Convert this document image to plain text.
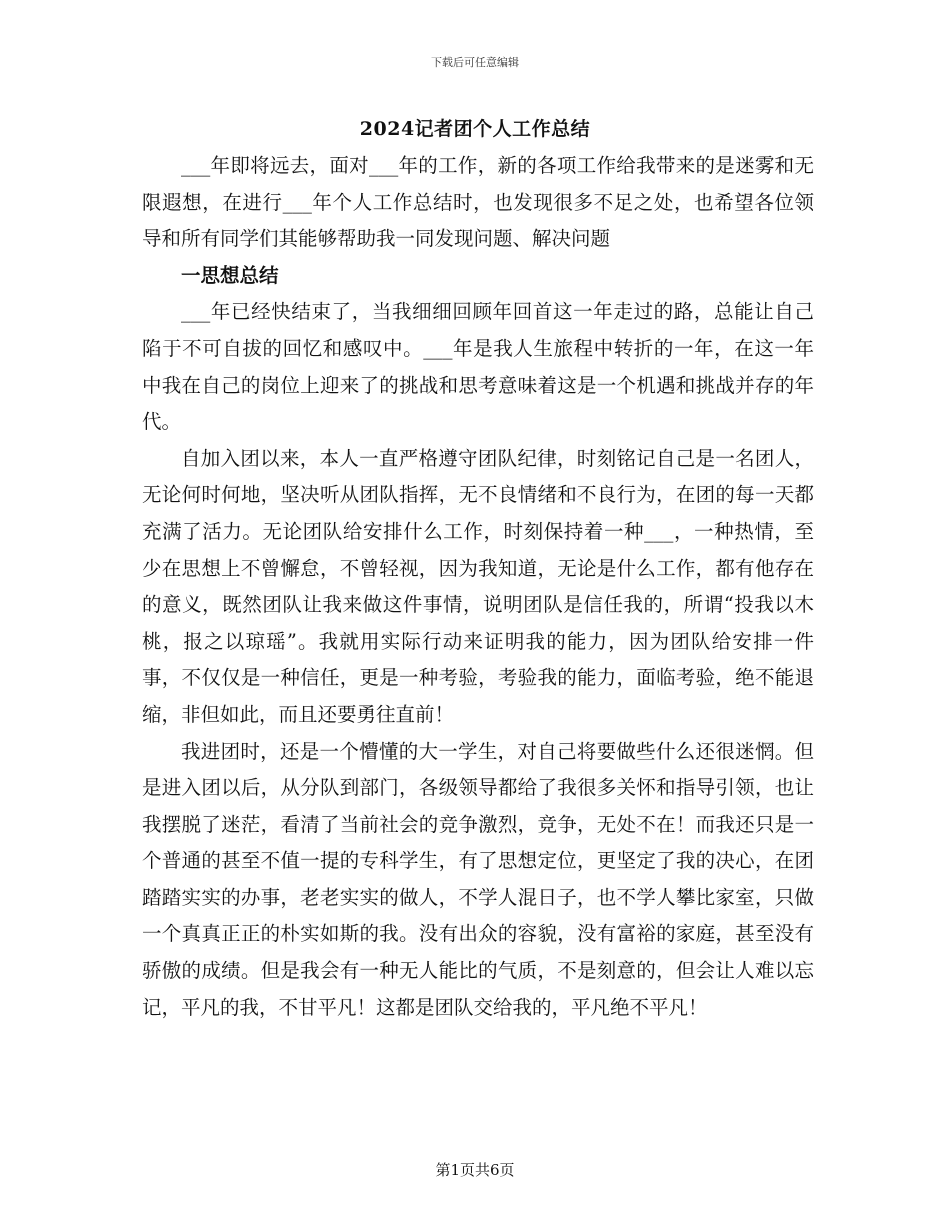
下载后可任意编辑
2024记者团个人工作总结

___年即将远去，面对___年的工作，新的各项工作给我带来的是迷雾和无限遐想，在进行___年个人工作总结时，也发现很多不足之处，也希望各位领导和所有同学们其能够帮助我一同发现问题、解决问题

一思想总结

___年已经快结束了，当我细细回顾年回首这一年走过的路，总能让自己陷于不可自拔的回忆和感叹中。___年是我人生旅程中转折的一年，在这一年中我在自己的岗位上迎来了的挑战和思考意味着这是一个机遇和挑战并存的年代。

自加入团以来，本人一直严格遵守团队纪律，时刻铭记自己是一名团人，无论何时何地，坚决听从团队指挥，无不良情绪和不良行为，在团的每一天都充满了活力。无论团队给安排什么工作，时刻保持着一种___，一种热情，至少在思想上不曾懈怠，不曾轻视，因为我知道，无论是什么工作，都有他存在的意义，既然团队让我来做这件事情，说明团队是信任我的，所谓“投我以木桃，报之以琼瑶”。我就用实际行动来证明我的能力，因为团队给安排一件事，不仅仅是一种信任，更是一种考验，考验我的能力，面临考验，绝不能退缩，非但如此，而且还要勇往直前！

我进团时，还是一个懵懂的大一学生，对自己将要做些什么还很迷惘。但是进入团以后，从分队到部门，各级领导都给了我很多关怀和指导引领，也让我摆脱了迷茫，看清了当前社会的竞争激烈，竞争，无处不在！而我还只是一个普通的甚至不值一提的专科学生，有了思想定位，更坚定了我的决心，在团踏踏实实的办事，老老实实的做人，不学人混日子，也不学人攀比家室，只做一个真真正正的朴实如斯的我。没有出众的容貌，没有富裕的家庭，甚至没有骄傲的成绩。但是我会有一种无人能比的气质，不是刻意的，但会让人难以忘记，平凡的我，不甘平凡！这都是团队交给我的，平凡绝不平凡！

第1页共6页
